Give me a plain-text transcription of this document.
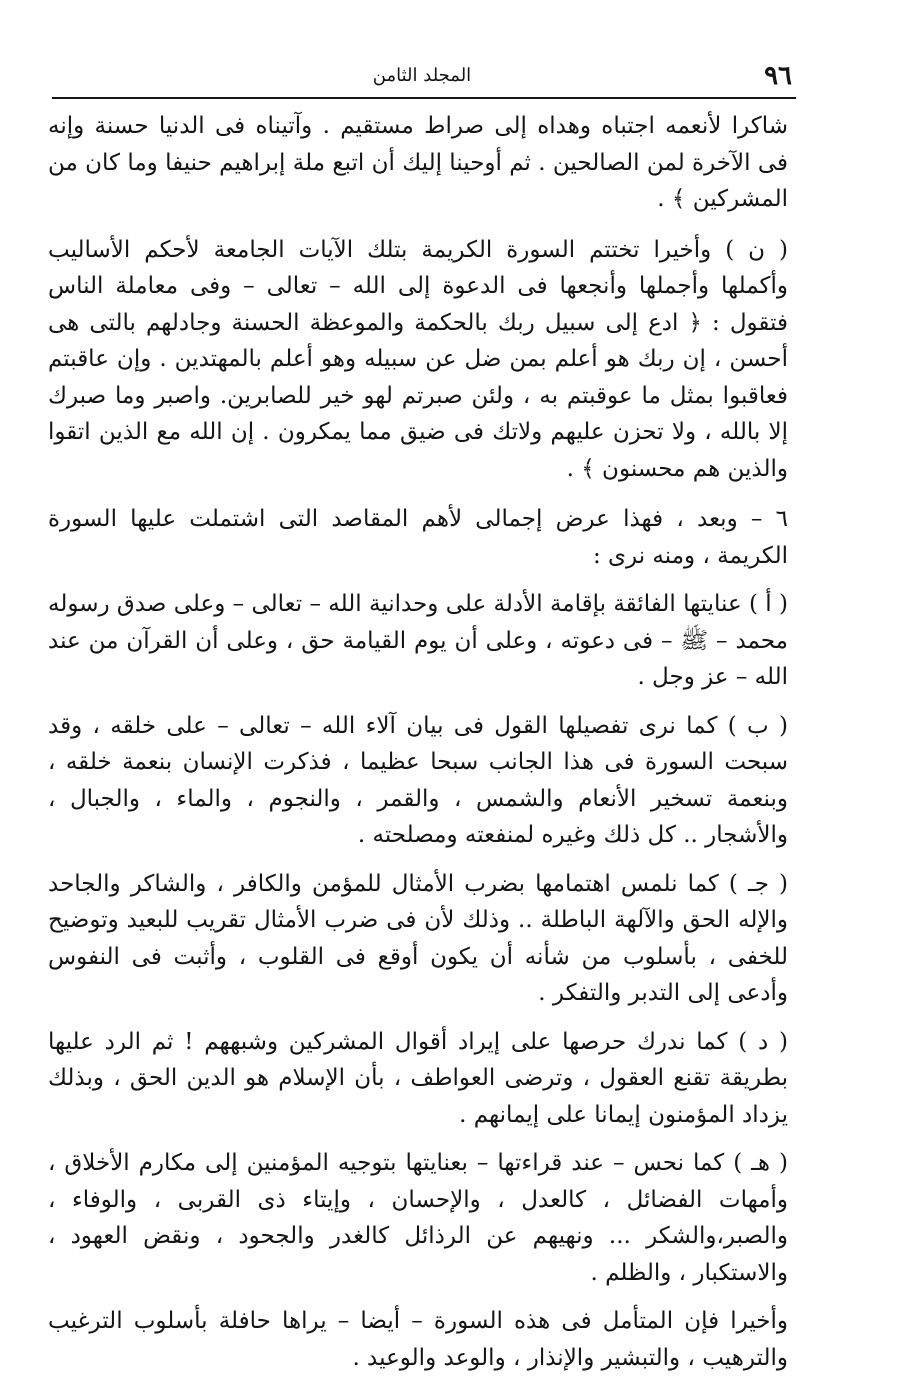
٩٦
المجلد الثامن

شاكرا لأنعمه اجتباه وهداه إلى صراط مستقيم . وآتيناه فى الدنيا حسنة وإنه فى الآخرة لمن الصالحين . ثم أوحينا إليك أن اتبع ملة إبراهيم حنيفا وما كان من المشركين ﴾ .

( ن ) وأخيرا تختتم السورة الكريمة بتلك الآيات الجامعة لأحكم الأساليب وأكملها وأجملها وأنجعها فى الدعوة إلى الله – تعالى – وفى معاملة الناس فتقول : ﴿ ادع إلى سبيل ربك بالحكمة والموعظة الحسنة وجادلهم بالتى هى أحسن ، إن ربك هو أعلم بمن ضل عن سبيله وهو أعلم بالمهتدين . وإن عاقبتم فعاقبوا بمثل ما عوقبتم به ، ولئن صبرتم لهو خير للصابرين. واصبر وما صبرك إلا بالله ، ولا تحزن عليهم ولاتك فى ضيق مما يمكرون . إن الله مع الذين اتقوا والذين هم محسنون ﴾ .

٦ – وبعد ، فهذا عرض إجمالى لأهم المقاصد التى اشتملت عليها السورة الكريمة ، ومنه نرى :

( أ ) عنايتها الفائقة بإقامة الأدلة على وحدانية الله – تعالى – وعلى صدق رسوله محمد – ﷺ – فى دعوته ، وعلى أن يوم القيامة حق ، وعلى أن القرآن من عند الله – عز وجل .

( ب ) كما نرى تفصيلها القول فى بيان آلاء الله – تعالى – على خلقه ، وقد سبحت السورة فى هذا الجانب سبحا عظيما ، فذكرت الإنسان بنعمة خلقه ، وبنعمة تسخير الأنعام والشمس ، والقمر ، والنجوم ، والماء ، والجبال ، والأشجار .. كل ذلك وغيره لمنفعته ومصلحته .

( جـ ) كما نلمس اهتمامها بضرب الأمثال للمؤمن والكافر ، والشاكر والجاحد والإله الحق والآلهة الباطلة .. وذلك لأن فى ضرب الأمثال تقريب للبعيد وتوضيح للخفى ، بأسلوب من شأنه أن يكون أوقع فى القلوب ، وأثبت فى النفوس وأدعى إلى التدبر والتفكر .

( د ) كما ندرك حرصها على إيراد أقوال المشركين وشبههم ! ثم الرد عليها بطريقة تقنع العقول ، وترضى العواطف ، بأن الإسلام هو الدين الحق ، وبذلك يزداد المؤمنون إيمانا على إيمانهم .

( هـ ) كما نحس – عند قراءتها – بعنايتها بتوجيه المؤمنين إلى مكارم الأخلاق ، وأمهات الفضائل ، كالعدل ، والإحسان ، وإيتاء ذى القربى ، والوفاء ، والصبر،والشكر ... ونهيهم عن الرذائل كالغدر والجحود ، ونقض العهود ، والاستكبار ، والظلم .

وأخيرا فإن المتأمل فى هذه السورة – أيضا – يراها حافلة بأسلوب الترغيب والترهيب ، والتبشير والإنذار ، والوعد والوعيد .
